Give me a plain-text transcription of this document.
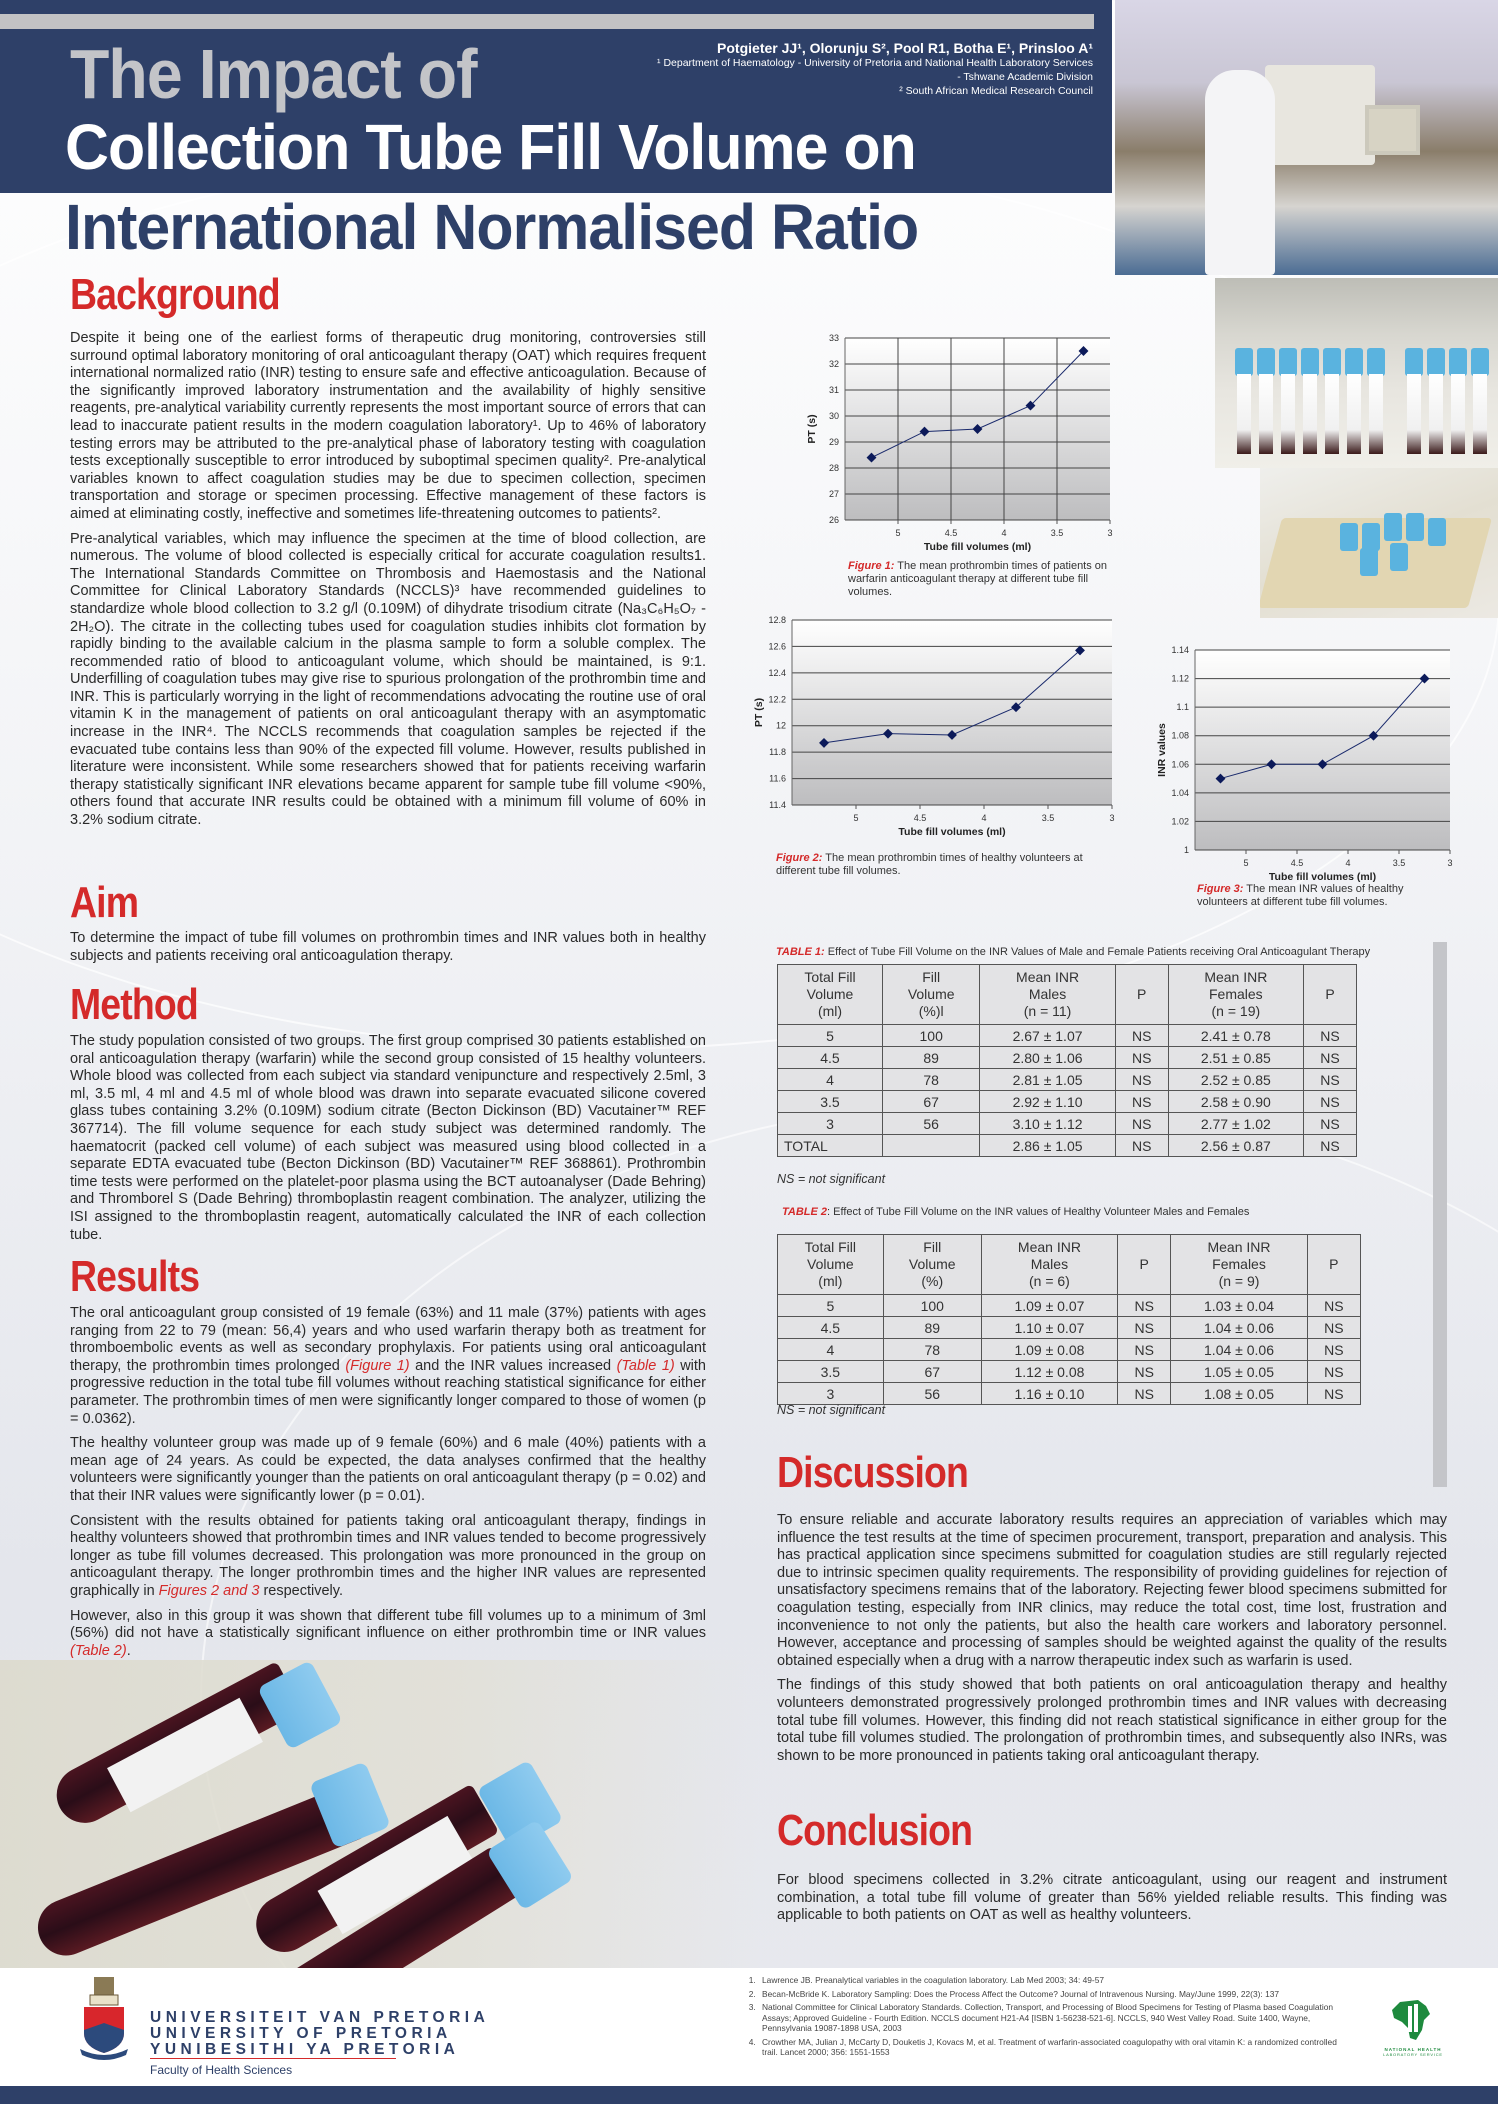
The Impact of
Collection Tube Fill Volume on
International Normalised Ratio
Potgieter JJ¹, Olorunju S², Pool R1, Botha E¹, Prinsloo A¹
¹ Department of Haematology - University of Pretoria and National Health Laboratory Services
- Tshwane Academic Division
² South African Medical Research Council
Background

Despite it being one of the earliest forms of therapeutic drug monitoring, controversies still surround optimal laboratory monitoring of oral anticoagulant therapy (OAT) which requires frequent international normalized ratio (INR) testing to ensure safe and effective anticoagulation. Because of the significantly improved laboratory instrumentation and the availability of highly sensitive reagents, pre-analytical variability currently represents the most important source of errors that can lead to inaccurate patient results in the modern coagulation laboratory¹. Up to 46% of laboratory testing errors may be attributed to the pre-analytical phase of laboratory testing with coagulation tests exceptionally susceptible to error introduced by suboptimal specimen quality². Pre-analytical variables known to affect coagulation studies may be due to specimen collection, specimen transportation and storage or specimen processing. Effective management of these factors is aimed at eliminating costly, ineffective and sometimes life-threatening outcomes to patients².

Pre-analytical variables, which may influence the specimen at the time of blood collection, are numerous. The volume of blood collected is especially critical for accurate coagulation results1. The International Standards Committee on Thrombosis and Haemostasis and the National Committee for Clinical Laboratory Standards (NCCLS)³ have recommended guidelines to standardize whole blood collection to 3.2 g/l (0.109M) of dihydrate trisodium citrate (Na₃C₆H₅O₇ - 2H₂O). The citrate in the collecting tubes used for coagulation studies inhibits clot formation by rapidly binding to the available calcium in the plasma sample to form a soluble complex. The recommended ratio of blood to anticoagulant volume, which should be maintained, is 9:1. Underfilling of coagulation tubes may give rise to spurious prolongation of the prothrombin time and INR. This is particularly worrying in the light of recommendations advocating the routine use of oral vitamin K in the management of patients on oral anticoagulant therapy with an asymptomatic increase in the INR⁴. The NCCLS recommends that coagulation samples be rejected if the evacuated tube contains less than 90% of the expected fill volume. However, results published in literature were inconsistent. While some researchers showed that for patients receiving warfarin therapy statistically significant INR elevations became apparent for sample tube fill volume <90%, others found that accurate INR results could be obtained with a minimum fill volume of 60% in 3.2% sodium citrate.

Aim
To determine the impact of tube fill volumes on prothrombin times and INR values both in healthy subjects and patients receiving oral anticoagulation therapy.
Method
The study population consisted of two groups. The first group comprised 30 patients established on oral anticoagulation therapy (warfarin) while the second group consisted of 15 healthy volunteers. Whole blood was collected from each subject via standard venipuncture and respectively 2.5ml, 3 ml, 3.5 ml, 4 ml and 4.5 ml of whole blood was drawn into separate evacuated silicone covered glass tubes containing 3.2% (0.109M) sodium citrate (Becton Dickinson (BD) Vacutainer™ REF 367714). The fill volume sequence for each study subject was determined randomly. The haematocrit (packed cell volume) of each subject was measured using blood collected in a separate EDTA evacuated tube (Becton Dickinson (BD) Vacutainer™ REF 368861). Prothrombin time tests were performed on the platelet-poor plasma using the BCT autoanalyser (Dade Behring) and Thromborel S (Dade Behring) thromboplastin reagent combination. The analyzer, utilizing the ISI assigned to the thromboplastin reagent, automatically calculated the INR of each collection tube.
Results

The oral anticoagulant group consisted of 19 female (63%) and 11 male (37%) patients with ages ranging from 22 to 79 (mean: 56,4) years and who used warfarin therapy both as treatment for thromboembolic events as well as secondary prophylaxis. For patients using oral anticoagulant therapy, the prothrombin times prolonged (Figure 1) and the INR values increased (Table 1) with progressive reduction in the total tube fill volumes without reaching statistical significance for either parameter. The prothrombin times of men were significantly longer compared to those of women (p = 0.0362).

The healthy volunteer group was made up of 9 female (60%) and 6 male (40%) patients with a mean age of 24 years. As could be expected, the data analyses confirmed that the healthy volunteers were significantly younger than the patients on oral anticoagulant therapy (p = 0.02) and that their INR values were significantly lower (p = 0.01).

Consistent with the results obtained for patients taking oral anticoagulant therapy, findings in healthy volunteers showed that prothrombin times and INR values tended to become progressively longer as tube fill volumes decreased. This prolongation was more pronounced in the group on anticoagulant therapy. The longer prothrombin times and the higher INR values are represented graphically in Figures 2 and 3 respectively.

However, also in this group it was shown that different tube fill volumes up to a minimum of 3ml (56%) did not have a statistically significant influence on either prothrombin time or INR values (Table 2).

26
27
28
29
30
31
32
33
5	4.5	4	3.5	3
Tube fill volumes (ml)
PT (s)
Figure 1: The mean prothrombin times of patients on warfarin anticoagulant therapy at different tube fill volumes.
11.4
11.6
11.8
12
12.2
12.4
12.6
12.8
5	4.5	4	3.5	3
Tube fill volumes (ml)
PT (s)
Figure 2: The mean prothrombin times of healthy volunteers at different tube fill volumes.
1
1.02
1.04
1.06
1.08
1.1
1.12
1.14
5	4.5	4	3.5	3
Tube fill volumes (ml)
INR values
Figure 3: The mean INR values of healthy volunteers at different tube fill volumes.
TABLE 1: Effect of Tube Fill Volume on the INR Values of Male and Female Patients receiving Oral Anticoagulant Therapy
Total Fill
Volume
(ml)	Fill
Volume
(%)l	Mean INR
Males
(n = 11)	P	Mean INR
Females
(n = 19)	P
5	100	2.67 ± 1.07	NS	2.41 ± 0.78	NS
4.5	89	2.80 ± 1.06	NS	2.51 ± 0.85	NS
4	78	2.81 ± 1.05	NS	2.52 ± 0.85	NS
3.5	67	2.92 ± 1.10	NS	2.58 ± 0.90	NS
3	56	3.10 ± 1.12	NS	2.77 ± 1.02	NS
TOTAL		2.86 ± 1.05	NS	2.56 ± 0.87	NS
NS = not significant
TABLE 2: Effect of Tube Fill Volume on the INR values of Healthy Volunteer Males and Females
Total Fill
Volume
(ml)	Fill
Volume
(%)	Mean INR
Males
(n = 6)	P	Mean INR
Females
(n = 9)	P
5	100	1.09 ± 0.07	NS	1.03 ± 0.04	NS
4.5	89	1.10 ± 0.07	NS	1.04 ± 0.06	NS
4	78	1.09 ± 0.08	NS	1.04 ± 0.06	NS
3.5	67	1.12 ± 0.08	NS	1.05 ± 0.05	NS
3	56	1.16 ± 0.10	NS	1.08 ± 0.05	NS
NS = not significant
Discussion

To ensure reliable and accurate laboratory results requires an appreciation of variables which may influence the test results at the time of specimen procurement, transport, preparation and analysis. This has practical application since specimens submitted for coagulation studies are still regularly rejected due to intrinsic specimen quality requirements. The responsibility of providing guidelines for rejection of unsatisfactory specimens remains that of the laboratory. Rejecting fewer blood specimens submitted for coagulation testing, especially from INR clinics, may reduce the total cost, time lost, frustration and inconvenience to not only the patients, but also the health care workers and laboratory personnel. However, acceptance and processing of samples should be weighted against the quality of the results obtained especially when a drug with a narrow therapeutic index such as warfarin is used.

The findings of this study showed that both patients on oral anticoagulation therapy and healthy volunteers demonstrated progressively prolonged prothrombin times and INR values with decreasing total tube fill volumes. However, this finding did not reach statistical significance in either group for the total tube fill volumes studied. The prolongation of prothrombin times, and subsequently also INRs, was shown to be more pronounced in patients taking oral anticoagulant therapy.

Conclusion
For blood specimens collected in 3.2% citrate anticoagulant, using our reagent and instrument combination, a total tube fill volume of greater than 56% yielded reliable results. This finding was applicable to both patients on OAT as well as healthy volunteers.
UNIVERSITEIT VAN PRETORIA
UNIVERSITY OF PRETORIA
YUNIBESITHI YA PRETORIA
Faculty of Health Sciences
1. Lawrence JB. Preanalytical variables in the coagulation laboratory. Lab Med 2003; 34: 49-57
2. Becan-McBride K. Laboratory Sampling: Does the Process Affect the Outcome? Journal of Intravenous Nursing. May/June 1999, 22(3): 137
3. National Committee for Clinical Laboratory Standards. Collection, Transport, and Processing of Blood Specimens for Testing of Plasma based Coagulation Assays; Approved Guideline - Fourth Edition. NCCLS document H21-A4 [ISBN 1-56238-521-6]. NCCLS, 940 West Valley Road. Suite 1400, Wayne, Pennsylvania 19087-1898 USA, 2003
4. Crowther MA, Julian J, McCarty D, Douketis J, Kovacs M, et al. Treatment of warfarin-associated coagulopathy with oral vitamin K: a randomized controlled trail. Lancet 2000; 356: 1551-1553	NATIONAL HEALTH
LABORATORY SERVICE
